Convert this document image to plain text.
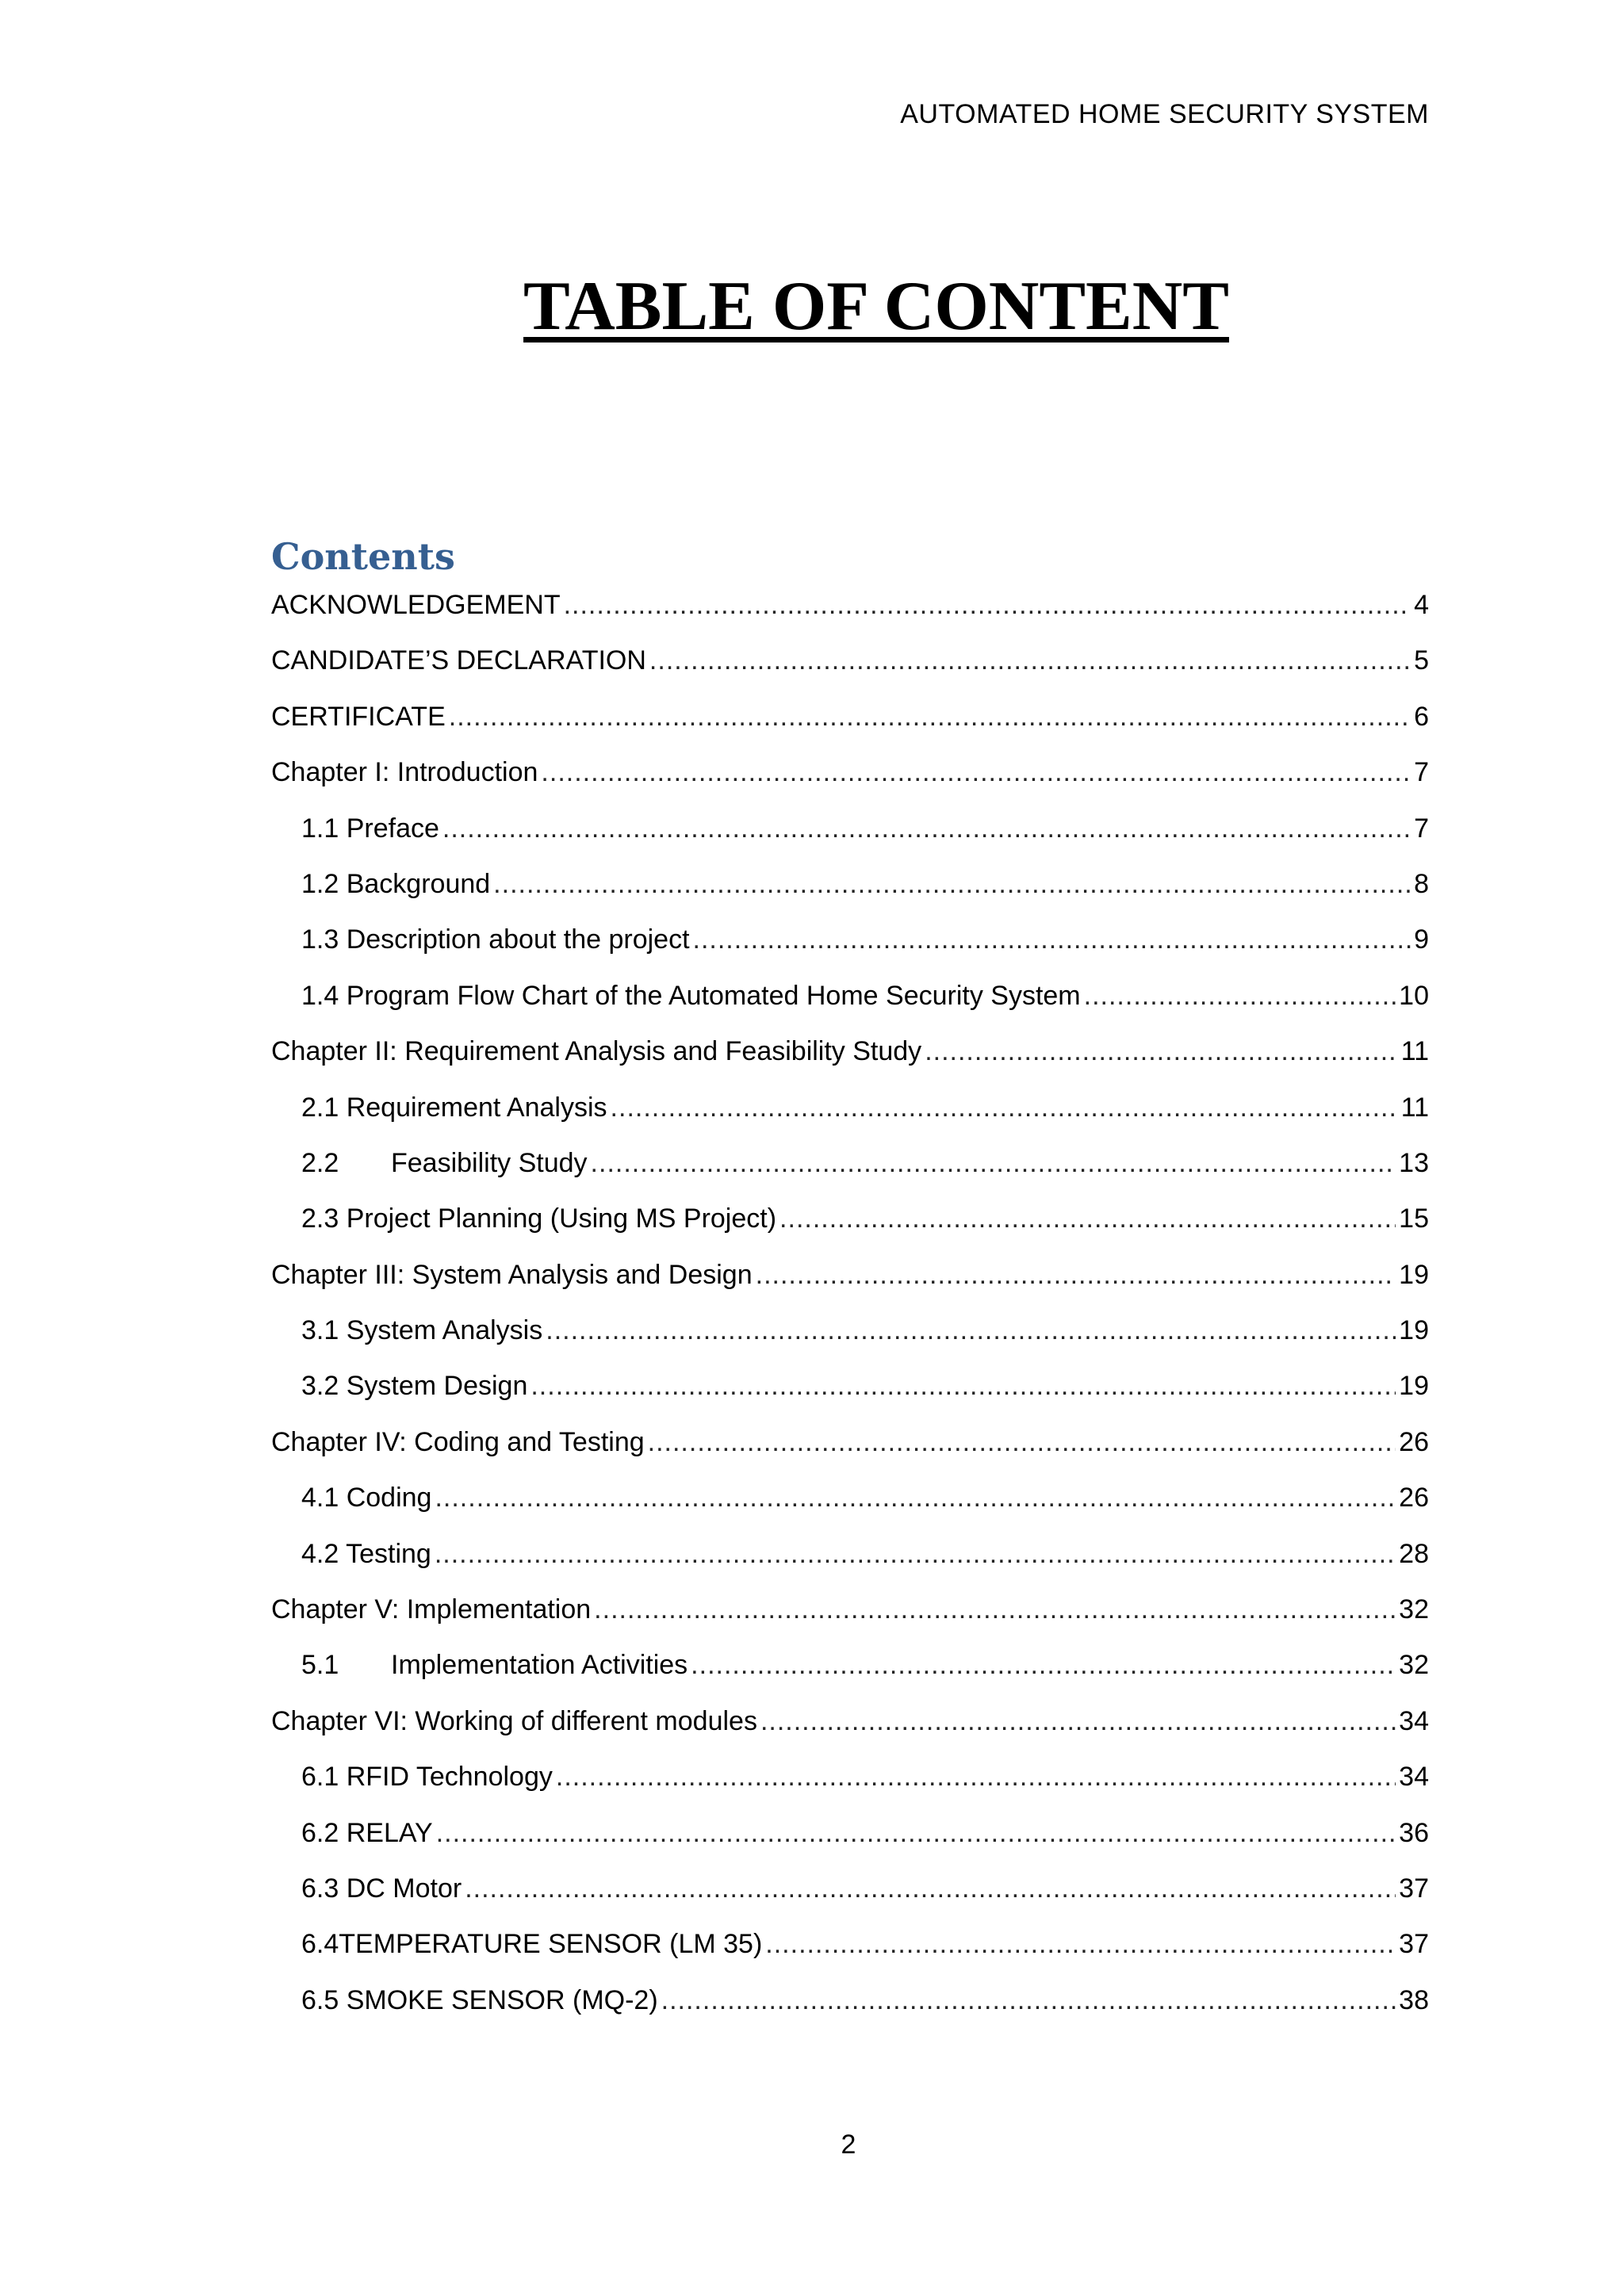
AUTOMATED HOME SECURITY SYSTEM
TABLE OF CONTENT
Contents
ACKNOWLEDGEMENT .....	4
CANDIDATE’S DECLARATION .....	5
CERTIFICATE .....	6
Chapter I: Introduction .....	7
1.1 Preface .....	7
1.2 Background .....	8
1.3 Description about the project .....	9
1.4 Program Flow Chart of the Automated Home Security System .....	10
Chapter II: Requirement Analysis and Feasibility Study .....	11
2.1 Requirement Analysis .....	11
2.2	Feasibility Study .....	13
2.3 Project Planning (Using MS Project) .....	15
Chapter III: System Analysis and Design .....	19
3.1 System Analysis .....	19
3.2 System Design .....	19
Chapter IV: Coding and Testing .....	26
4.1 Coding .....	26
4.2 Testing .....	28
Chapter V: Implementation .....	32
5.1	Implementation Activities .....	32
Chapter VI: Working of different modules .....	34
6.1 RFID Technology .....	34
6.2 RELAY .....	36
6.3 DC Motor .....	37
6.4TEMPERATURE SENSOR (LM 35) .....	37
6.5 SMOKE SENSOR (MQ-2) .....	38
2
